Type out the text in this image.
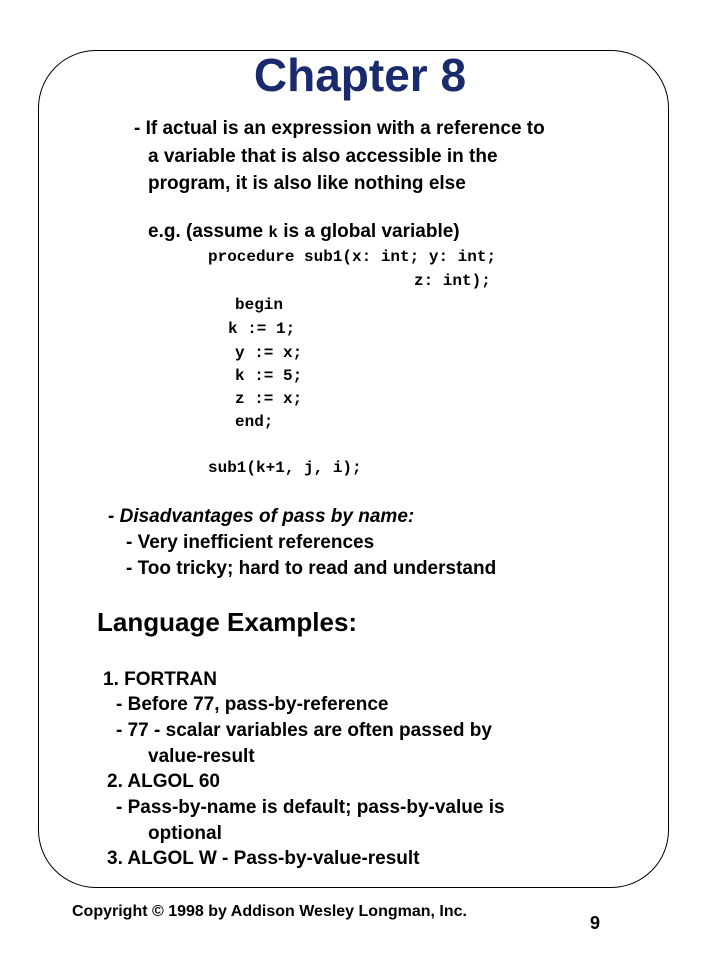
Chapter 8
- If actual is an expression with a reference to
a variable that is also accessible in the
program, it is also like nothing else
e.g. (assume k is a global variable)
procedure sub1(x: int; y: int;
z: int);
begin
k := 1;
y := x;
k := 5;
z := x;
end;
sub1(k+1, j, i);
- Disadvantages of pass by name:
- Very inefficient references
- Too tricky; hard to read and understand
Language Examples:
1. FORTRAN
- Before 77, pass-by-reference
- 77 - scalar variables are often passed by
value-result
2. ALGOL 60
- Pass-by-name is default; pass-by-value is
optional
3. ALGOL W - Pass-by-value-result
Copyright © 1998 by Addison Wesley Longman, Inc.
9
